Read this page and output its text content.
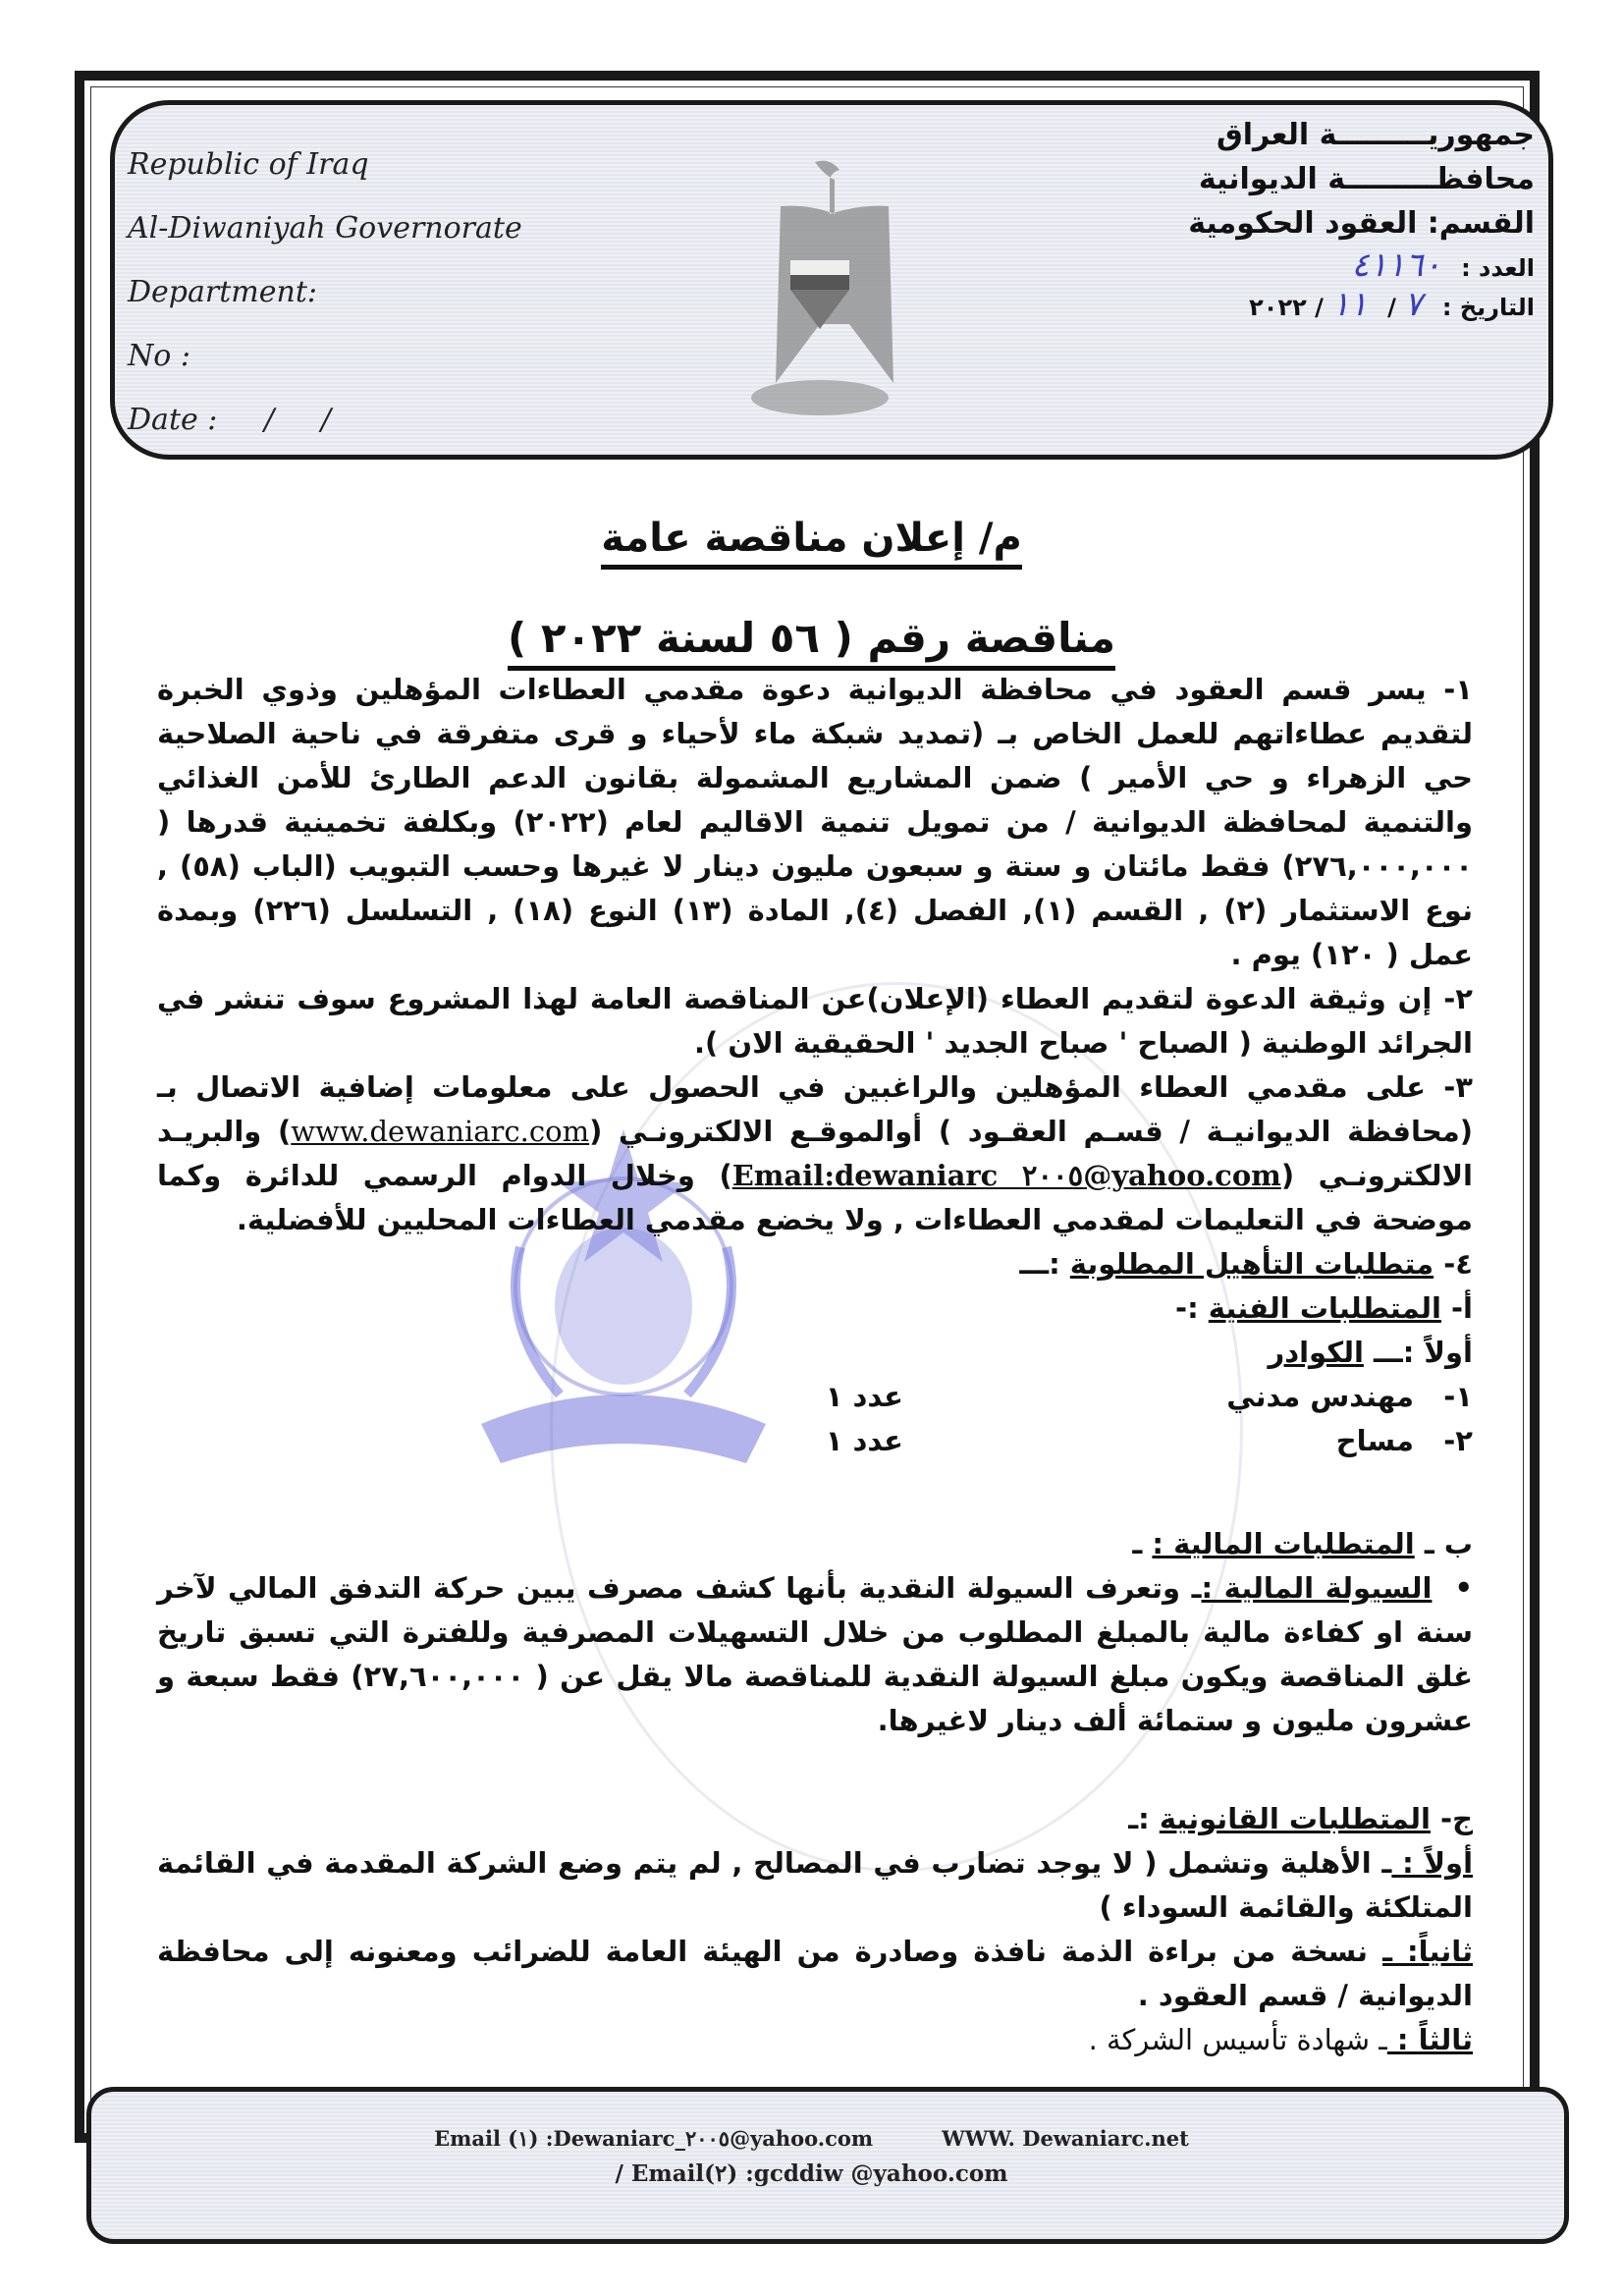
Republic of Iraq
Al-Diwaniyah Governorate
Department:
No :
Date :     /     /
جمهوريـــــــــة العراق
محافظـــــــــة الديوانية
القسم: العقود الحكومية
العدد : ٤١١٦٠
التاريخ : ٧ / ١١ / ٢٠٢٢
م/ إعلان مناقصة عامة
مناقصة رقم ( ٥٦ لسنة ٢٠٢٢ )

١- يسر قسم العقود في محافظة الديوانية دعوة مقدمي العطاءات المؤهلين وذوي الخبرة لتقديم عطاءاتهم للعمل الخاص بـ (تمديد شبكة ماء لأحياء و قرى متفرقة في ناحية الصلاحية حي الزهراء و حي الأمير ) ضمن المشاريع المشمولة بقانون الدعم الطارئ للأمن الغذائي والتنمية لمحافظة الديوانية / من تمويل تنمية الاقاليم لعام (٢٠٢٢) وبكلفة تخمينية قدرها ( ٢٧٦,٠٠٠,٠٠٠) فقط مائتان و ستة و سبعون مليون دينار لا غيرها وحسب التبويب (الباب (٥٨) , نوع الاستثمار (٢) , القسم (١), الفصل (٤), المادة (١٣) النوع (١٨) , التسلسل (٢٢٦) وبمدة عمل ( ١٢٠) يوم .

٢- إن وثيقة الدعوة لتقديم العطاء (الإعلان)عن المناقصة العامة لهذا المشروع سوف تنشر في الجرائد الوطنية ( الصباح ' صباح الجديد ' الحقيقية الان ).

٣- على مقدمي العطاء المؤهلين والراغبين في الحصول على معلومات إضافية الاتصال بـ (محافظة الديوانيـة / قسـم العقـود ) أوالموقـع الالكترونـي (www.dewaniarc.com) والبريـد الالكترونـي (Email:dewaniarc ٢٠٠٥@yahoo.com) وخلال الدوام الرسمي للدائرة وكما موضحة في التعليمات لمقدمي العطاءات , ولا يخضع مقدمي العطاءات المحليين للأفضلية.

٤- متطلبات التأهيل المطلوبة :ـــ

أ- المتطلبات الفنية :-

أولاً :ـــ الكوادر

١-
مهندس مدني
عدد ١
٢-
مساح
عدد ١

ب ـ المتطلبات المالية : ـ

•  السيولة المالية :ـ وتعرف السيولة النقدية بأنها كشف مصرف يبين حركة التدفق المالي لآخر سنة او كفاءة مالية بالمبلغ المطلوب من خلال التسهيلات المصرفية وللفترة التي تسبق تاريخ غلق المناقصة ويكون مبلغ السيولة النقدية للمناقصة مالا يقل عن ( ٢٧,٦٠٠,٠٠٠) فقط سبعة و عشرون مليون و ستمائة ألف دينار لاغيرها.

ج- المتطلبات القانونية :ـ

أولاً : ـ الأهلية وتشمل ( لا يوجد تضارب في المصالح , لم يتم وضع الشركة المقدمة في القائمة المتلكئة والقائمة السوداء )

ثانياً: ـ نسخة من براءة الذمة نافذة وصادرة من الهيئة العامة للضرائب ومعنونه إلى محافظة الديوانية / قسم العقود .

ثالثاً : ـ شهادة تأسيس الشركة .

Email (١) :Dewaniarc_٢٠٠٥@yahoo.com	WWW. Dewaniarc.net
/ Email(٢) :gcddiw @yahoo.com
